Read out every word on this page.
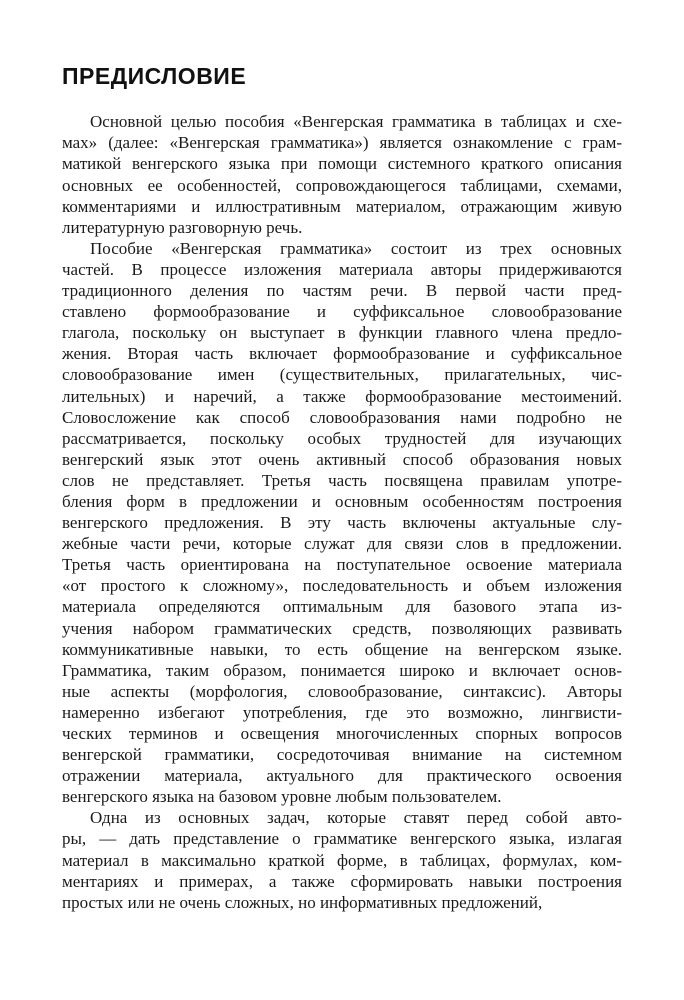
ПРЕДИСЛОВИЕ
Основной целью пособия «Венгерская грамматика в таблицах и схе-
мах» (далее: «Венгерская грамматика») является ознакомление с грам-
матикой венгерского языка при помощи системного краткого описания
основных ее особенностей, сопровождающегося таблицами, схемами,
комментариями и иллюстративным материалом, отражающим живую
литературную разговорную речь.
Пособие «Венгерская грамматика» состоит из трех основных
частей. В процессе изложения материала авторы придерживаются
традиционного деления по частям речи. В первой части пред-
ставлено формообразование и суффиксальное словообразование
глагола, поскольку он выступает в функции главного члена предло-
жения. Вторая часть включает формообразование и суффиксальное
словообразование имен (существительных, прилагательных, чис-
лительных) и наречий, а также формообразование местоимений.
Словосложение как способ словообразования нами подробно не
рассматривается, поскольку особых трудностей для изучающих
венгерский язык этот очень активный способ образования новых
слов не представляет. Третья часть посвящена правилам употре-
бления форм в предложении и основным особенностям построения
венгерского предложения. В эту часть включены актуальные слу-
жебные части речи, которые служат для связи слов в предложении.
Третья часть ориентирована на поступательное освоение материала
«от простого к сложному», последовательность и объем изложения
материала определяются оптимальным для базового этапа из-
учения набором грамматических средств, позволяющих развивать
коммуникативные навыки, то есть общение на венгерском языке.
Грамматика, таким образом, понимается широко и включает основ-
ные аспекты (морфология, словообразование, синтаксис). Авторы
намеренно избегают употребления, где это возможно, лингвисти-
ческих терминов и освещения многочисленных спорных вопросов
венгерской грамматики, сосредоточивая внимание на системном
отражении материала, актуального для практического освоения
венгерского языка на базовом уровне любым пользователем.
Одна из основных задач, которые ставят перед собой авто-
ры, — дать представление о грамматике венгерского языка, излагая
материал в максимально краткой форме, в таблицах, формулах, ком-
ментариях и примерах, а также сформировать навыки построения
простых или не очень сложных, но информативных предложений,
